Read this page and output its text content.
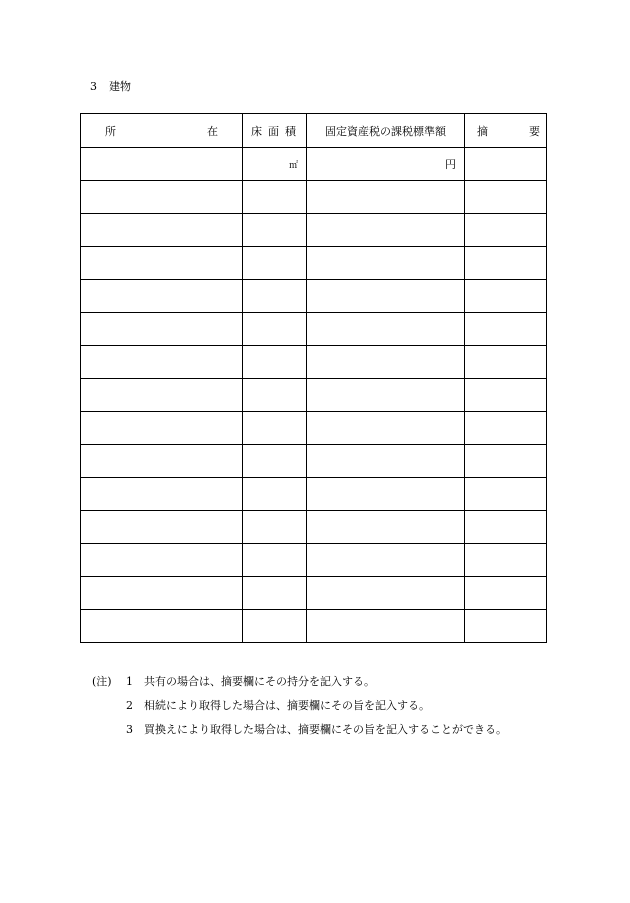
3 建物
所 在	床 面 積	固定資産税の課税標準額	摘 要

	㎡	円	

(注)	1	共有の場合は、摘要欄にその持分を記入する。
2	相続により取得した場合は、摘要欄にその旨を記入する。
3	買換えにより取得した場合は、摘要欄にその旨を記入することができる。
